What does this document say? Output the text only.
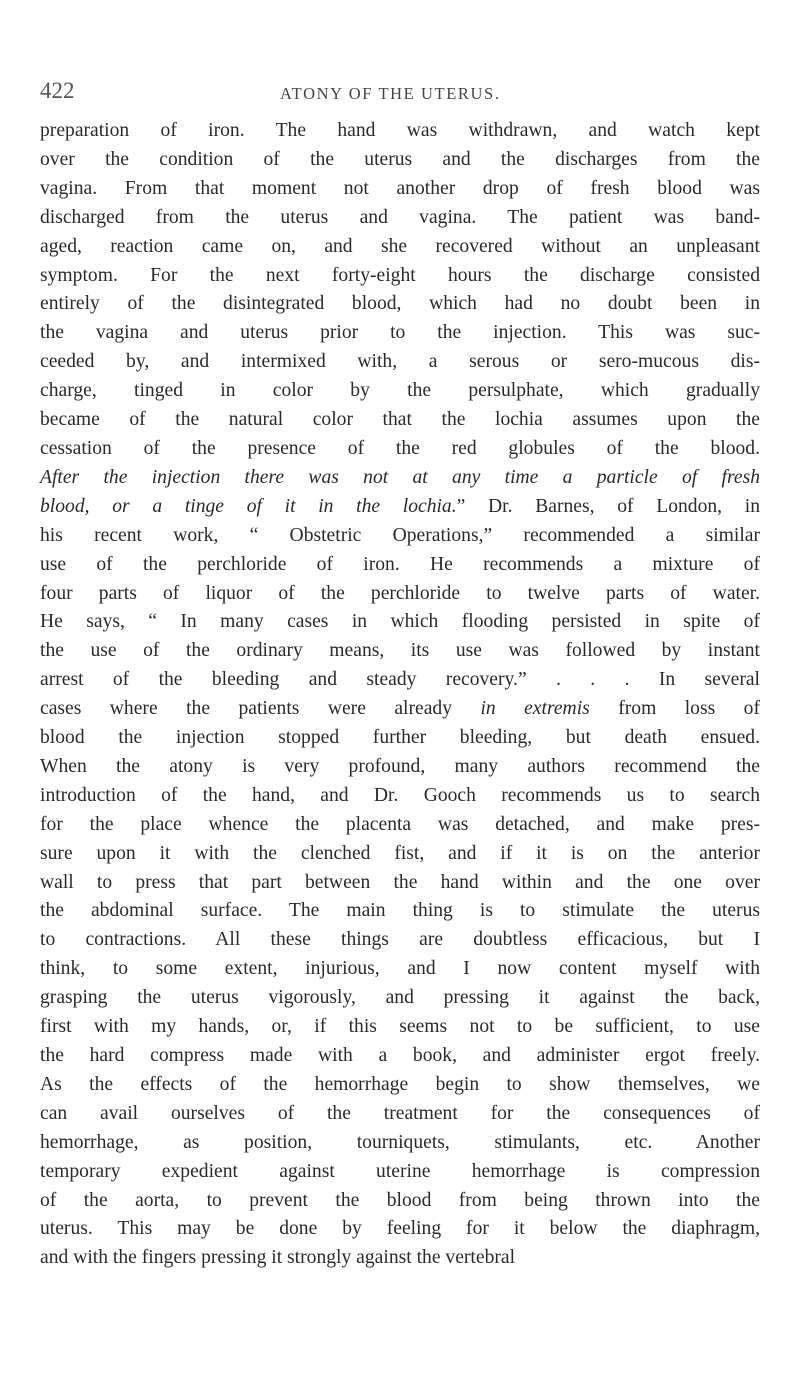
422	ATONY OF THE UTERUS.
preparation of iron. The hand was withdrawn, and watch kept
over the condition of the uterus and the discharges from the
vagina. From that moment not another drop of fresh blood was
discharged from the uterus and vagina. The patient was band-
aged, reaction came on, and she recovered without an unpleasant
symptom. For the next forty-eight hours the discharge consisted
entirely of the disintegrated blood, which had no doubt been in
the vagina and uterus prior to the injection. This was suc-
ceeded by, and intermixed with, a serous or sero-mucous dis-
charge, tinged in color by the persulphate, which gradually
became of the natural color that the lochia assumes upon the
cessation of the presence of the red globules of the blood.
After the injection there was not at any time a particle of fresh
blood, or a tinge of it in the lochia.” Dr. Barnes, of London, in
his recent work, “ Obstetric Operations,” recommended a similar
use of the perchloride of iron. He recommends a mixture of
four parts of liquor of the perchloride to twelve parts of water.
He says, “ In many cases in which flooding persisted in spite of
the use of the ordinary means, its use was followed by instant
arrest of the bleeding and steady recovery.” . . . In several
cases where the patients were already in extremis from loss of
blood the injection stopped further bleeding, but death ensued.
When the atony is very profound, many authors recommend the
introduction of the hand, and Dr. Gooch recommends us to search
for the place whence the placenta was detached, and make pres-
sure upon it with the clenched fist, and if it is on the anterior
wall to press that part between the hand within and the one over
the abdominal surface. The main thing is to stimulate the uterus
to contractions. All these things are doubtless efficacious, but I
think, to some extent, injurious, and I now content myself with
grasping the uterus vigorously, and pressing it against the back,
first with my hands, or, if this seems not to be sufficient, to use
the hard compress made with a book, and administer ergot freely.
As the effects of the hemorrhage begin to show themselves, we
can avail ourselves of the treatment for the consequences of
hemorrhage, as position, tourniquets, stimulants, etc. Another
temporary expedient against uterine hemorrhage is compression
of the aorta, to prevent the blood from being thrown into the
uterus. This may be done by feeling for it below the diaphragm,
and with the fingers pressing it strongly against the vertebral
